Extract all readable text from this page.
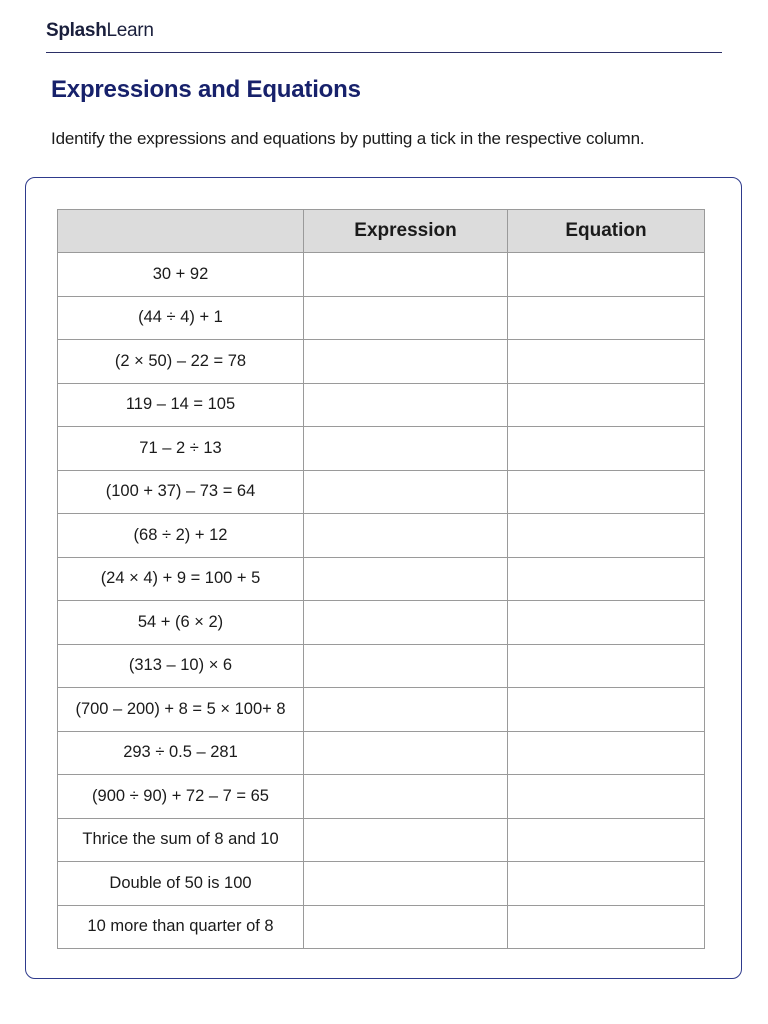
SplashLearn
Expressions and Equations
Identify the expressions and equations by putting a tick in the respective column.
	Expression	Equation
30 + 92		
(44 ÷ 4) + 1		
(2 × 50) – 22 = 78		
119 – 14 = 105		
71 – 2 ÷ 13		
(100 + 37) – 73 = 64		
(68 ÷ 2) + 12		
(24 × 4) + 9 = 100 + 5		
54 + (6 × 2)		
(313 – 10) × 6		
(700 – 200) + 8 = 5 × 100+ 8		
293 ÷ 0.5 – 281		
(900 ÷ 90) + 72 – 7 = 65		
Thrice the sum of 8 and 10		
Double of 50 is 100		
10 more than quarter of 8		
